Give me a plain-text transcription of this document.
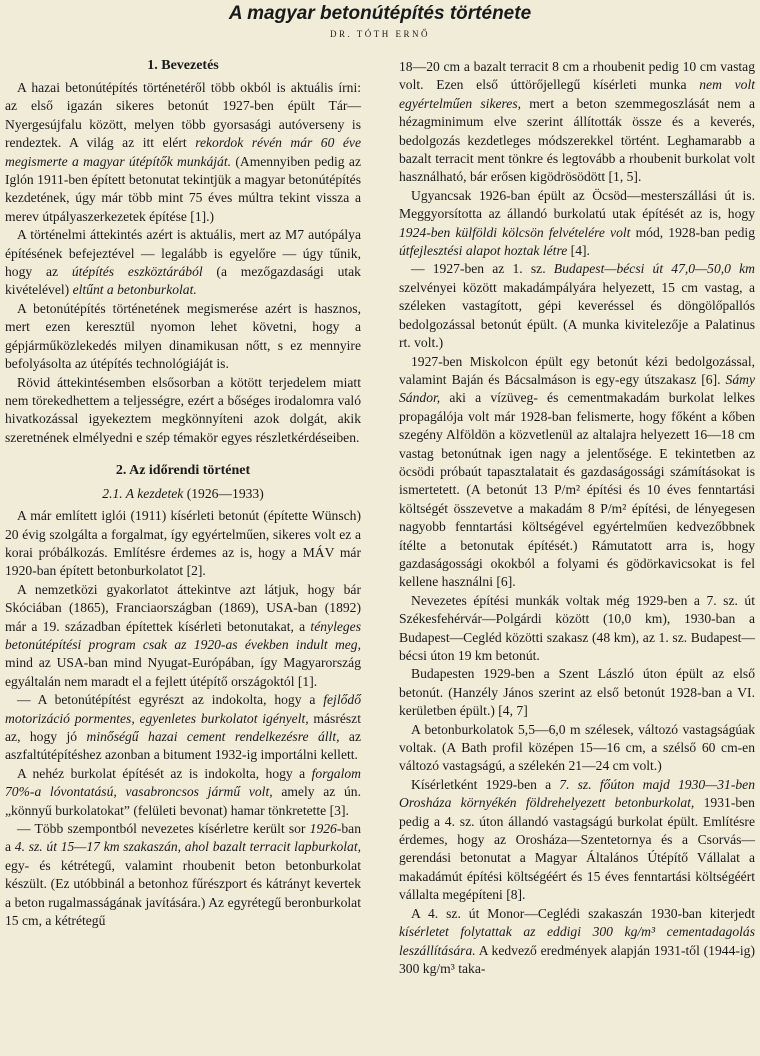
A magyar betonútépítés története
DR. TÓTH ERNŐ
1. Bevezetés

A hazai betonútépítés történetéről több okból is aktuális írni: az első igazán sikeres betonút 1927-ben épült Tár—Nyergesújfalu között, melyen több gyorsasági autóverseny is rendeztek. A világ az itt elért rekordok révén már 60 éve megismerte a magyar útépítők munkáját. (Amennyiben pedig az Iglón 1911-ben épített betonutat tekintjük a magyar betonútépítés kezdetének, úgy már több mint 75 éves múltra tekint vissza a merev útpályaszerkezetek építése [1].)

A történelmi áttekintés azért is aktuális, mert az M7 autópálya építésének befejeztével — legalább is egyelőre — úgy tűnik, hogy az útépítés eszköztárából (a mezőgazdasági utak kivételével) eltűnt a betonburkolat.

A betonútépítés történetének megismerése azért is hasznos, mert ezen keresztül nyomon lehet követni, hogy a gépjárműközlekedés milyen dinamikusan nőtt, s ez mennyire befolyásolta az útépítés technológiáját is.

Rövid áttekintésemben elsősorban a kötött terjedelem miatt nem törekedhettem a teljességre, ezért a bőséges irodalomra való hivatkozással igyekeztem megkönnyíteni azok dolgát, akik szeretnének elmélyedni e szép témakör egyes részletkérdéseiben.

2. Az időrendi történet
2.1. A kezdetek (1926—1933)

A már említett iglói (1911) kísérleti betonút (építette Wünsch) 20 évig szolgálta a forgalmat, így egyértelműen, sikeres volt ez a korai próbálkozás. Említésre érdemes az is, hogy a MÁV már 1920-ban épített betonburkolatot [2].

A nemzetközi gyakorlatot áttekintve azt látjuk, hogy bár Skóciában (1865), Franciaországban (1869), USA-ban (1892) már a 19. században építettek kísérleti betonutakat, a tényleges betonútépítési program csak az 1920-as években indult meg, mind az USA-ban mind Nyugat-Európában, így Magyarország egyáltalán nem maradt el a fejlett útépítő országoktól [1].

— A betonútépítést egyrészt az indokolta, hogy a fejlődő motorizáció pormentes, egyenletes burkolatot igényelt, másrészt az, hogy jó minőségű hazai cement rendelkezésre állt, az aszfaltútépítéshez azonban a bitument 1932-ig importálni kellett.

A nehéz burkolat építését az is indokolta, hogy a forgalom 70%-a lóvontatású, vasabroncsos jármű volt, amely az ún.„könnyű burkolatokat” (felületi bevonat) hamar tönkretette [3].

— Több szempontból nevezetes kísérletre került sor 1926-ban a 4. sz. út 15—17 km szakaszán, ahol bazalt terracit lapburkolat, egy- és kétrétegű, valamint rhoubenit beton betonburkolat készült. (Ez utóbbinál a betonhoz fűrészport és kátrányt kevertek a beton rugalmasságának javítására.) Az egyrétegű beronburkolat 15 cm, a kétrétegű

18—20 cm a bazalt terracit 8 cm a rhoubenit pedig 10 cm vastag volt. Ezen első úttörőjellegű kísérleti munka nem volt egyértelműen sikeres, mert a beton szemmegoszlását nem a hézagminimum elve szerint állították össze és a keverés, bedolgozás kezdetleges módszerekkel történt. Leghamarabb a bazalt terracit ment tönkre és legtovább a rhoubenit burkolat volt használható, bár erősen kigödrösödött [1, 5].

Ugyancsak 1926-ban épült az Öcsöd—mesterszállási út is. Meggyorsította az állandó burkolatú utak építését az is, hogy 1924-ben külföldi kölcsön felvételére volt mód, 1928-ban pedig útfejlesztési alapot hoztak létre [4].

— 1927-ben az 1. sz. Budapest—bécsi út 47,0—50,0 km szelvényei között makadámpályára helyezett, 15 cm vastag, a széleken vastagított, gépi keveréssel és döngölőpallós bedolgozással betonút épült. (A munka kivitelezője a Palatinus rt. volt.)

1927-ben Miskolcon épült egy betonút kézi bedolgozással, valamint Baján és Bácsalmáson is egy-egy útszakasz [6]. Sámy Sándor, aki a vízüveg- és cementmakadám burkolat lelkes propagálója volt már 1928-ban felismerte, hogy főként a kőben szegény Alföldön a közvetlenül az altalajra helyezett 16—18 cm vastag betonútnak igen nagy a jelentősége. E tekintetben az öcsödi próbaút tapasztalatait és gazdaságossági számításokat is ismertetett. (A betonút 13 P/m² építési és 10 éves fenntartási költségét összevetve a makadám 8 P/m² építési, de lényegesen nagyobb fenntartási költségével egyértelműen kedvezőbbnek ítélte a betonutak építését.) Rámutatott arra is, hogy gazdaságossági okokból a folyami és gödörkavicsokat is fel kellene használni [6].

Nevezetes építési munkák voltak még 1929-ben a 7. sz. út Székesfehérvár—Polgárdi között (10,0 km), 1930-ban a Budapest—Cegléd közötti szakasz (48 km), az 1. sz. Budapest—bécsi úton 19 km betonút.

Budapesten 1929-ben a Szent László úton épült az első betonút. (Hanzély János szerint az első betonút 1928-ban a VI. kerületben épült.) [4, 7]

A betonburkolatok 5,5—6,0 m szélesek, változó vastagságúak voltak. (A Bath profil középen 15—16 cm, a szélső 60 cm-en változó vastagságú, a szélekén 21—24 cm volt.)

Kísérletként 1929-ben a 7. sz. főúton majd 1930—31-ben Orosháza környékén földrehelyezett betonburkolat, 1931-ben pedig a 4. sz. úton állandó vastagságú burkolat épült. Említésre érdemes, hogy az Orosháza—Szentetornya és a Csorvás—gerendási betonutat a Magyar Általános Útépítő Vállalat a makadámút építési költségéért és 15 éves fenntartási költségéért vállalta megépíteni [8].

A 4. sz. út Monor—Ceglédi szakaszán 1930-ban kiterjedt kísérletet folytattak az eddigi 300 kg/m³ cementadagolás leszállítására. A kedvező eredmények alapján 1931-től (1944-ig) 300 kg/m³ taka-
